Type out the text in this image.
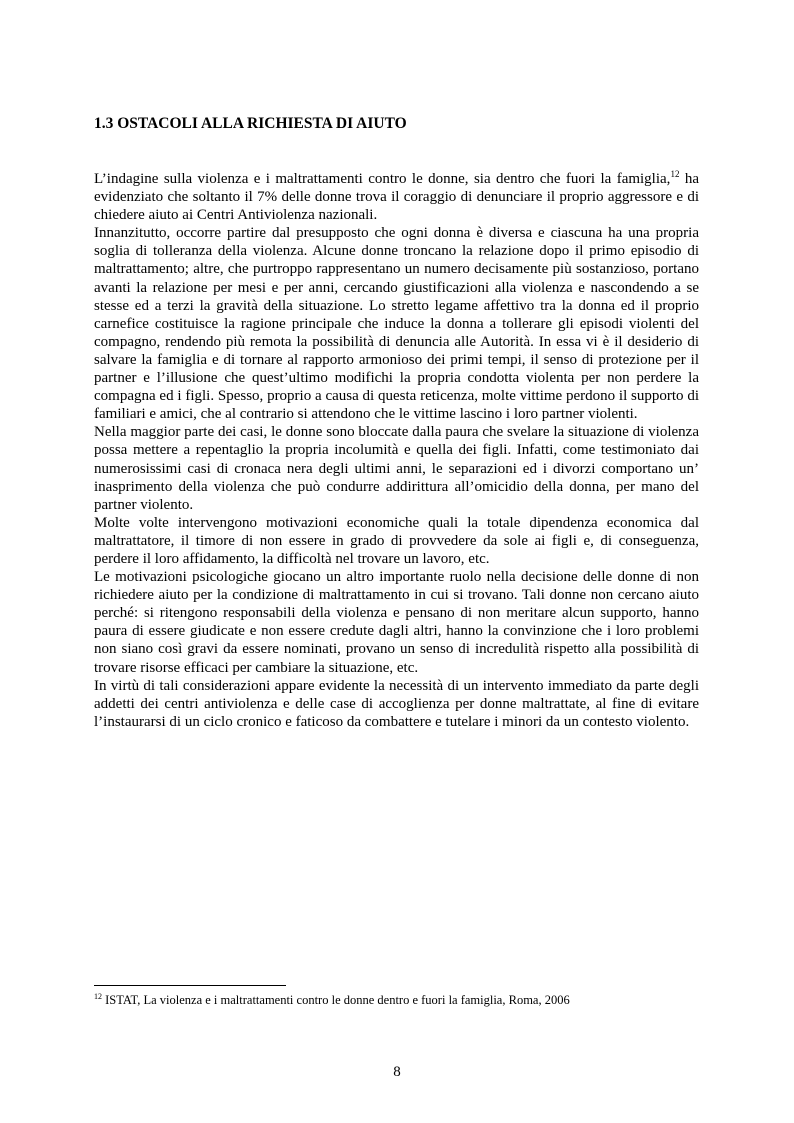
1.3 OSTACOLI ALLA RICHIESTA DI AIUTO

L’indagine sulla violenza e i maltrattamenti contro le donne, sia dentro che fuori la famiglia,$^{12}$ ha evidenziato che soltanto il 7% delle donne trova il coraggio di denunciare il proprio aggressore e di chiedere aiuto ai Centri Antiviolenza nazionali.

Innanzitutto, occorre partire dal presupposto che ogni donna è diversa e ciascuna ha una propria soglia di tolleranza della violenza. Alcune donne troncano la relazione dopo il primo episodio di maltrattamento; altre, che purtroppo rappresentano un numero decisamente più sostanzioso, portano avanti la relazione per mesi e per anni, cercando giustificazioni alla violenza e nascondendo a se stesse ed a terzi la gravità della situazione. Lo stretto legame affettivo tra la donna ed il proprio carnefice costituisce la ragione principale che induce la donna a tollerare gli episodi violenti del compagno, rendendo più remota la possibilità di denuncia alle Autorità. In essa vi è il desiderio di salvare la famiglia e di tornare al rapporto armonioso dei primi tempi, il senso di protezione per il partner e l’illusione che quest’ultimo modifichi la propria condotta violenta per non perdere la compagna ed i figli. Spesso, proprio a causa di questa reticenza, molte vittime perdono il supporto di familiari e amici, che al contrario si attendono che le vittime lascino i loro partner violenti.

Nella maggior parte dei casi, le donne sono bloccate dalla paura che svelare la situazione di violenza possa mettere a repentaglio la propria incolumità e quella dei figli. Infatti, come testimoniato dai numerosissimi casi di cronaca nera degli ultimi anni, le separazioni ed i divorzi comportano un’ inasprimento della violenza che può condurre addirittura all’omicidio della donna, per mano del partner violento.

Molte volte intervengono motivazioni economiche quali la totale dipendenza economica dal maltrattatore, il timore di non essere in grado di provvedere da sole ai figli e, di conseguenza, perdere il loro affidamento, la difficoltà nel trovare un lavoro, etc.

Le motivazioni psicologiche giocano un altro importante ruolo nella decisione delle donne di non richiedere aiuto per la condizione di maltrattamento in cui si trovano. Tali donne non cercano aiuto perché: si ritengono responsabili della violenza e pensano di non meritare alcun supporto, hanno paura di essere giudicate e non essere credute dagli altri, hanno la convinzione che i loro problemi non siano così gravi da essere nominati, provano un senso di incredulità rispetto alla possibilità di trovare risorse efficaci per cambiare la situazione, etc.

In virtù di tali considerazioni appare evidente la necessità di un intervento immediato da parte degli addetti dei centri antiviolenza e delle case di accoglienza per donne maltrattate, al fine di evitare l’instaurarsi di un ciclo cronico e faticoso da combattere e tutelare i minori da un contesto violento.

$^{12}$ ISTAT, La violenza e i maltrattamenti contro le donne dentro e fuori la famiglia, Roma, 2006
8
